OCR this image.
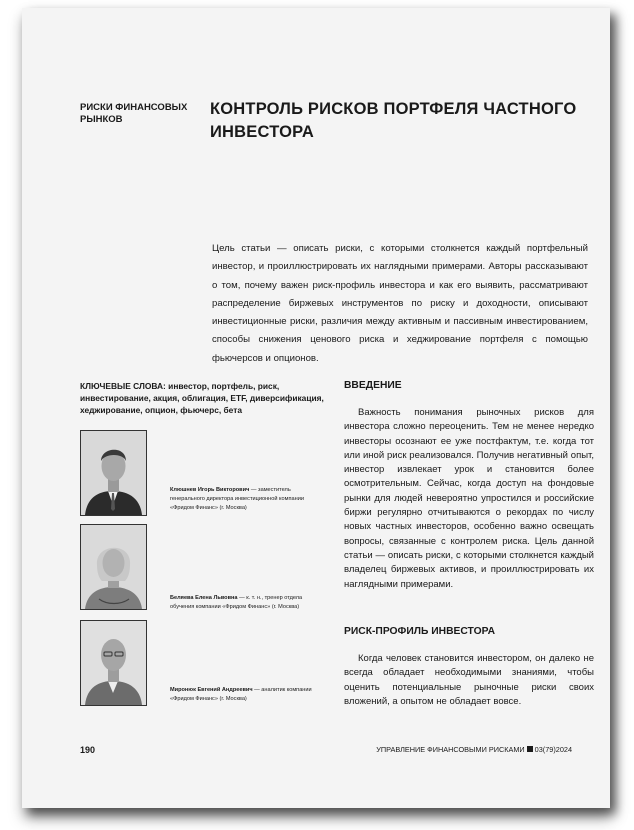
РИСКИ ФИНАНСОВЫХ РЫНКОВ
КОНТРОЛЬ РИСКОВ ПОРТФЕЛЯ ЧАСТНОГО ИНВЕСТОРА
Цель статьи — описать риски, с которыми столкнется каждый портфельный инвестор, и проиллюстрировать их наглядными примерами. Авторы рассказывают о том, почему важен риск-профиль инвестора и как его выявить, рассматривают распределение биржевых инструментов по риску и доходности, описывают инвестиционные риски, различия между активным и пассивным инвестированием, способы снижения ценового риска и хеджирование портфеля с помощью фьючерсов и опционов.
КЛЮЧЕВЫЕ СЛОВА: инвестор, портфель, риск, инвестирование, акция, облигация, ETF, диверсификация, хеджирование, опцион, фьючерс, бета
Клюшнев Игорь Викторович — заместитель генерального директора инвестиционной компании «Фридом Финанс» (г. Москва)
Беляева Елена Львовна — к. т. н., тренер отдела обучения компании «Фридом Финанс» (г. Москва)
Миронюк Евгений Андреевич — аналитик компании «Фридом Финанс» (г. Москва)
ВВЕДЕНИЕ
Важность понимания рыночных рисков для инвестора сложно переоценить. Тем не менее нередко инвесторы осознают ее уже постфактум, т.е. когда тот или иной риск реализовался. Получив негативный опыт, инвестор извлекает урок и становится более осмотрительным. Сейчас, когда доступ на фондовые рынки для людей невероятно упростился и российские биржи регулярно отчитываются о рекордах по числу новых частных инвесторов, особенно важно освещать вопросы, связанные с контролем риска. Цель данной статьи — описать риски, с которыми столкнется каждый владелец биржевых активов, и проиллюстрировать их наглядными примерами.
РИСК-ПРОФИЛЬ ИНВЕСТОРА
Когда человек становится инвестором, он далеко не всегда обладает необходимыми знаниями, чтобы оценить потенциальные рыночные риски своих вложений, а опытом не обладает вовсе.
190	УПРАВЛЕНИЕ ФИНАНСОВЫМИ РИСКАМИ 03(79)2024
